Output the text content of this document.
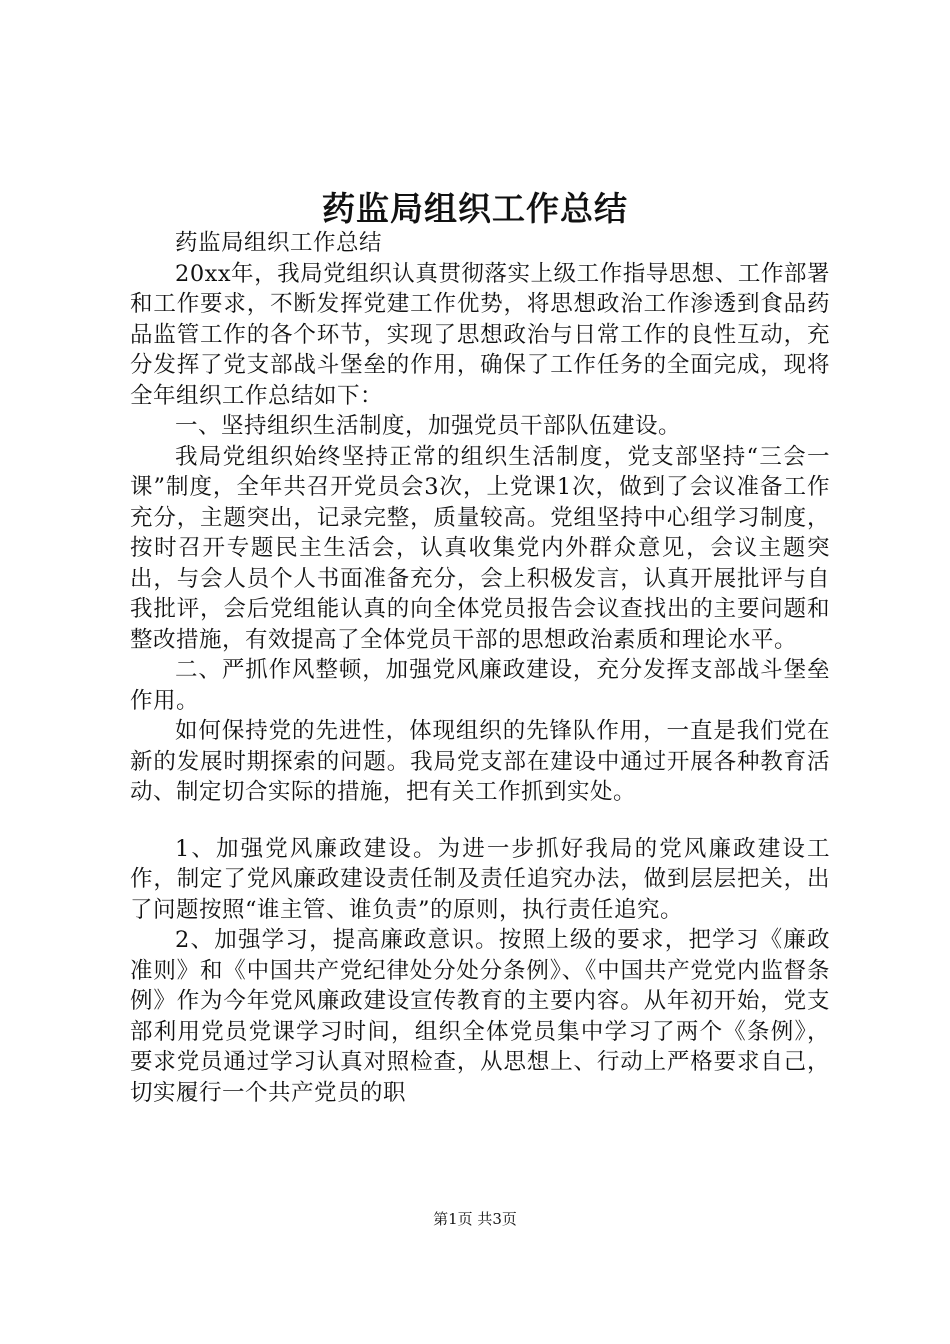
药监局组织工作总结

药监局组织工作总结

20xx年，我局党组织认真贯彻落实上级工作指导思想、工作部署和工作要求，不断发挥党建工作优势，将思想政治工作渗透到食品药品监管工作的各个环节，实现了思想政治与日常工作的良性互动，充分发挥了党支部战斗堡垒的作用，确保了工作任务的全面完成，现将全年组织工作总结如下：

一、坚持组织生活制度，加强党员干部队伍建设。

我局党组织始终坚持正常的组织生活制度，党支部坚持“三会一课”制度，全年共召开党员会3次，上党课1次，做到了会议准备工作充分，主题突出，记录完整，质量较高。党组坚持中心组学习制度，按时召开专题民主生活会，认真收集党内外群众意见，会议主题突出，与会人员个人书面准备充分，会上积极发言，认真开展批评与自我批评，会后党组能认真的向全体党员报告会议查找出的主要问题和整改措施，有效提高了全体党员干部的思想政治素质和理论水平。

二、严抓作风整顿，加强党风廉政建设，充分发挥支部战斗堡垒作用。

如何保持党的先进性，体现组织的先锋队作用，一直是我们党在新的发展时期探索的问题。我局党支部在建设中通过开展各种教育活动、制定切合实际的措施，把有关工作抓到实处。

1、加强党风廉政建设。为进一步抓好我局的党风廉政建设工作，制定了党风廉政建设责任制及责任追究办法，做到层层把关，出了问题按照“谁主管、谁负责”的原则，执行责任追究。

2、加强学习，提高廉政意识。按照上级的要求，把学习《廉政准则》和《中国共产党纪律处分处分条例》、《中国共产党党内监督条例》作为今年党风廉政建设宣传教育的主要内容。从年初开始，党支部利用党员党课学习时间，组织全体党员集中学习了两个《条例》，要求党员通过学习认真对照检查，从思想上、行动上严格要求自己，切实履行一个共产党员的职

第1页 共3页
